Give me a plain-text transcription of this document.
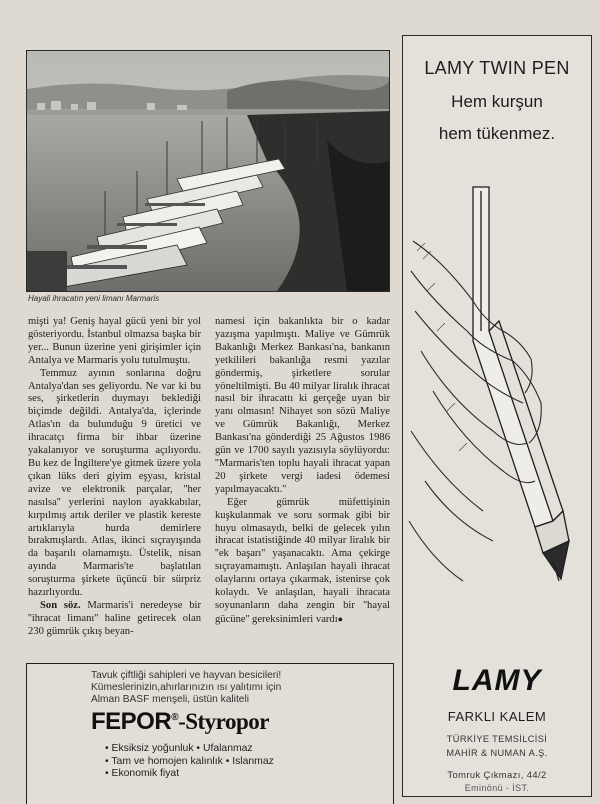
Hayali ihracatın yeni limanı Marmaris

mişti ya! Geniş hayal gücü yeni bir yol gösteriyordu. İstanbul olmazsa başka bir yer... Bunun üzerine yeni girişimler için Antalya ve Marmaris yolu tutulmuştu.

Temmuz ayının sonlarına doğru Antalya'dan ses geliyordu. Ne var ki bu ses, şirketlerin duymayı beklediği biçimde değildi. Antalya'da, içlerinde Atlas'ın da bulunduğu 9 üretici ve ihracatçı firma bir ihbar üzerine yakalanıyor ve soruşturma açılıyordu. Bu kez de İngiltere'ye gitmek üzere yola çıkan lüks deri giyim eşyası, kristal avize ve elektronik parçalar, ''her nasılsa'' yerlerini naylon ayakkabılar, kırpılmış artık deriler ve plastik kereste artıklarıyla hurda demirlere bırakmışlardı. Atlas, ikinci sıçrayışında da başarılı olamamıştı. Üstelik, nisan ayında Marmaris'te başlatılan soruşturma şirkete üçüncü bir sürpriz hazırlıyordu.

Son söz. Marmaris'i neredeyse bir ''ihracat limanı'' haline getirecek olan 230 gümrük çıkış beyan-

namesi için bakanlıkta bir o kadar yazışma yapılmıştı. Maliye ve Gümrük Bakanlığı Merkez Bankası'na, bankanın yetkilileri bakanlığa resmi yazılar göndermiş, şirketlere sorular yöneltilmişti. Bu 40 milyar liralık ihracat nasıl bir ihracattı ki gerçeğe uyan bir yanı olmasın! Nihayet son sözü Maliye ve Gümrük Bakanlığı, Merkez Bankası'na gönderdiği 25 Ağustos 1986 gün ve 1700 sayılı yazısıyla söylüyordu: ''Marmaris'ten toplu hayali ihracat yapan 20 şirkete vergi iadesi ödemesi yapılmayacaktı.''

Eğer gümrük müfettişinin kuşkulanmak ve soru sormak gibi bir huyu olmasaydı, belki de gelecek yılın ihracat istatistiğinde 40 milyar liralık bir ''ek başarı'' yaşanacaktı. Ama çekirge sıçrayamamıştı. Anlaşılan hayali ihracat olaylarını ortaya çıkarmak, istenirse çok kolaydı. Ve anlaşılan, hayali ihracata soyunanların daha zengin bir ''hayal gücüne'' gereksinimleri vardı●

Tavuk çiftliği sahipleri ve hayvan besicileri!
Kümeslerinizin,ahırlarınızın ısı yalıtımı için
Alman BASF menşeli, üstün kaliteli
FEPOR®-Styropor
• Eksiksiz yoğunluk • Ufalanmaz
• Tam ve homojen kalınlık • Islanmaz
• Ekonomik fiyat
LAMY TWIN PEN
Hem kurşun
hem tükenmez.
LAMY
FARKLI KALEM
TÜRKİYE TEMSİLCİSİ
MAHİR & NUMAN A.Ş.
Tomruk Çıkmazı, 44/2
Eminönü - İST.
